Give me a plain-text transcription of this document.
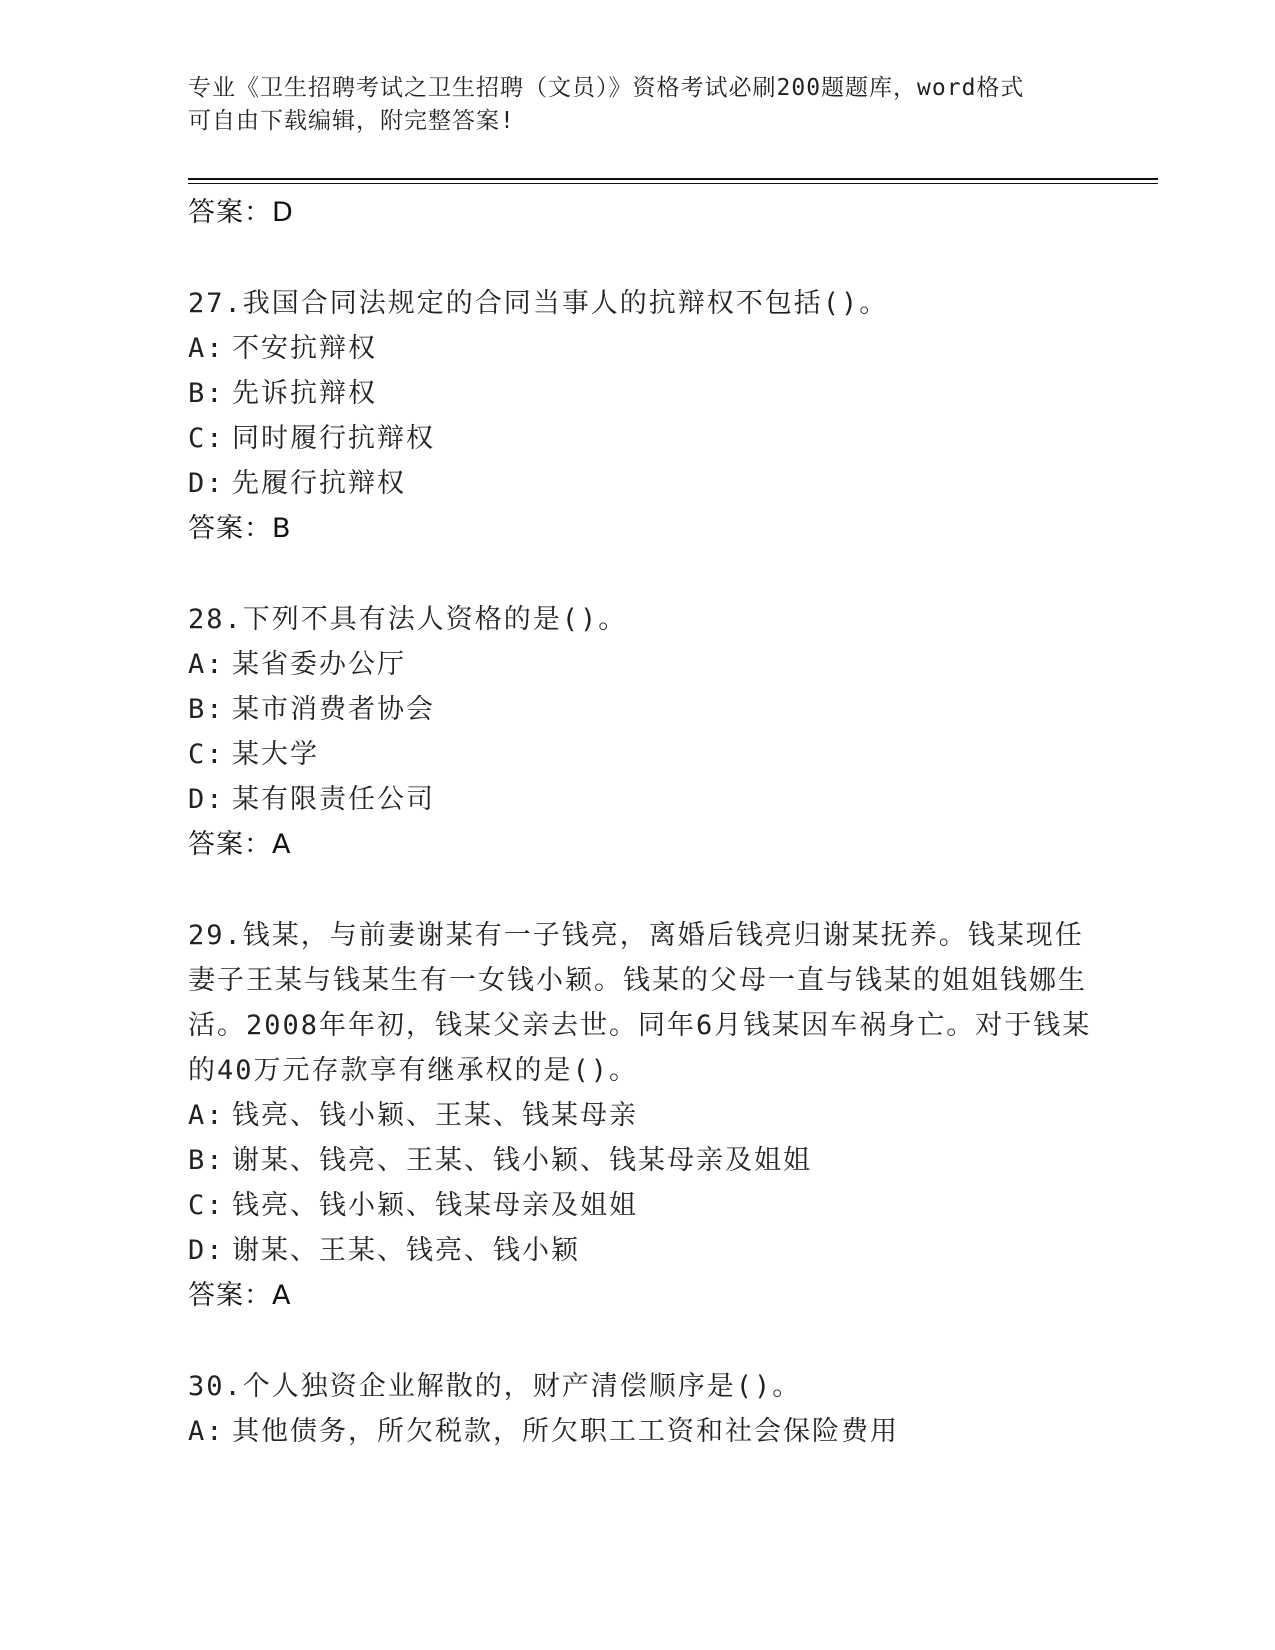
专业《卫生招聘考试之卫生招聘（文员）》资格考试必刷200题题库，word格式
可自由下载编辑，附完整答案!
答案：D
27.我国合同法规定的合同当事人的抗辩权不包括()。
A: 不安抗辩权
B: 先诉抗辩权
C: 同时履行抗辩权
D: 先履行抗辩权
答案：B
28.下列不具有法人资格的是()。
A: 某省委办公厅
B: 某市消费者协会
C: 某大学
D: 某有限责任公司
答案：A
29.钱某，与前妻谢某有一子钱亮，离婚后钱亮归谢某抚养。钱某现任妻子王某与钱某生有一女钱小颖。钱某的父母一直与钱某的姐姐钱娜生活。2008年年初，钱某父亲去世。同年6月钱某因车祸身亡。对于钱某的40万元存款享有继承权的是()。
A: 钱亮、钱小颖、王某、钱某母亲
B: 谢某、钱亮、王某、钱小颖、钱某母亲及姐姐
C: 钱亮、钱小颖、钱某母亲及姐姐
D: 谢某、王某、钱亮、钱小颖
答案：A
30.个人独资企业解散的，财产清偿顺序是()。
A: 其他债务，所欠税款，所欠职工工资和社会保险费用
